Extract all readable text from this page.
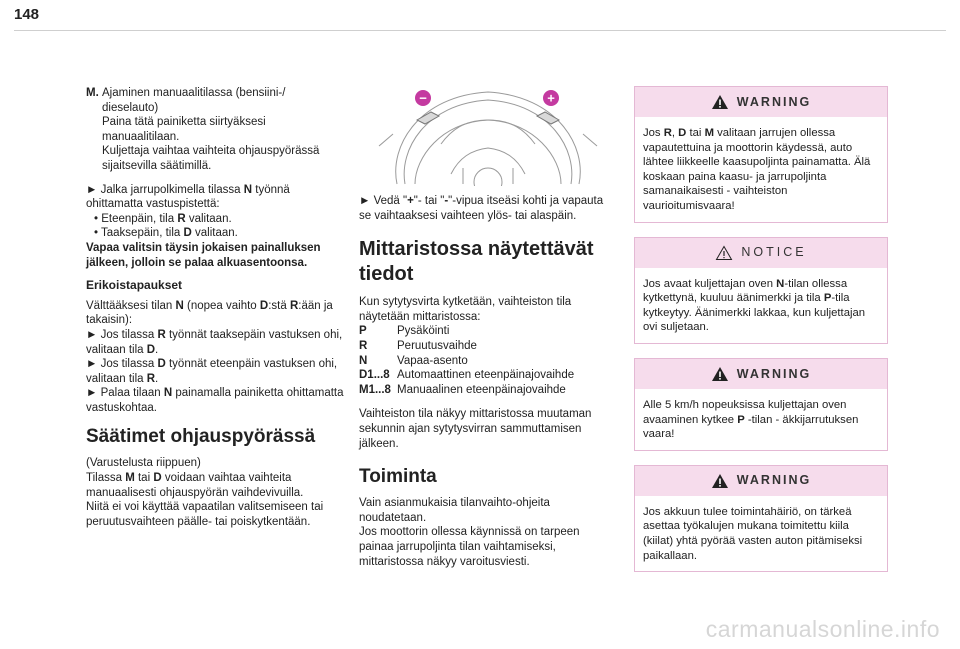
148
M. Ajaminen manuaalitilassa (bensiini-/
dieselauto)
Paina tätä painiketta siirtyäksesi
manuaalitilaan.
Kuljettaja vaihtaa vaihteita ohjauspyörässä
sijaitsevilla säätimillä.

► Jalka jarrupolkimella tilassa N työnnä ohittamatta vastuspistettä:

• Eteenpäin, tila R valitaan.
• Taaksepäin, tila D valitaan.

Vapaa valitsin täysin jokaisen painalluksen jälkeen, jolloin se palaa alkuasentoonsa.

Erikoistapaukset

Välttääksesi tilan N (nopea vaihto D:stä R:ään ja takaisin):

► Jos tilassa R työnnät taaksepäin vastuksen ohi, valitaan tila D.

► Jos tilassa D työnnät eteenpäin vastuksen ohi, valitaan tila R.

► Palaa tilaan N painamalla painiketta ohittamatta vastuskohtaa.

Säätimet ohjauspyörässä
(Varustelusta riippuen)
Tilassa M tai D voidaan vaihtaa vaihteita manuaalisesti ohjauspyörän vaihdevivuilla.
Niitä ei voi käyttää vapaatilan valitsemiseen tai peruutusvaihteen päälle- tai poiskytkentään.
−	+

► Vedä "+"- tai "-"-vipua itseäsi kohti ja vapauta se vaihtaaksesi vaihteen ylös- tai alaspäin.

Mittaristossa näytettävät tiedot

Kun sytytysvirta kytketään, vaihteiston tila näytetään mittaristossa:

P	Pysäköinti
R	Peruutusvaihde
N	Vapaa-asento
D1...8 Automaattinen eteenpäinajovaihde
M1...8 Manuaalinen eteenpäinajovaihde

Vaihteiston tila näkyy mittaristossa muutaman sekunnin ajan sytytysvirran sammuttamisen jälkeen.

Toiminta
Vain asianmukaisia tilanvaihto-ohjeita noudatetaan.
Jos moottorin ollessa käynnissä on tarpeen painaa jarrupoljinta tilan vaihtamiseksi, mittaristossa näkyy varoitusviesti.
WARNING
Jos R, D tai M valitaan jarrujen ollessa vapautettuina ja moottorin käydessä, auto lähtee liikkeelle kaasupoljinta painamatta. Älä koskaan paina kaasu- ja jarrupoljinta samanaikaisesti - vaihteiston vaurioitumisvaara!
NOTICE
Jos avaat kuljettajan oven N-tilan ollessa kytkettynä, kuuluu äänimerkki ja tila P-tila kytkeytyy. Äänimerkki lakkaa, kun kuljettajan ovi suljetaan.
WARNING
Alle 5 km/h nopeuksissa kuljettajan oven avaaminen kytkee P -tilan - äkkijarrutuksen vaara!
WARNING
Jos akkuun tulee toimintahäiriö, on tärkeä asettaa työkalujen mukana toimitettu kiila (kiilat) yhtä pyörää vasten auton pitämiseksi paikallaan.
carmanualsonline.info
